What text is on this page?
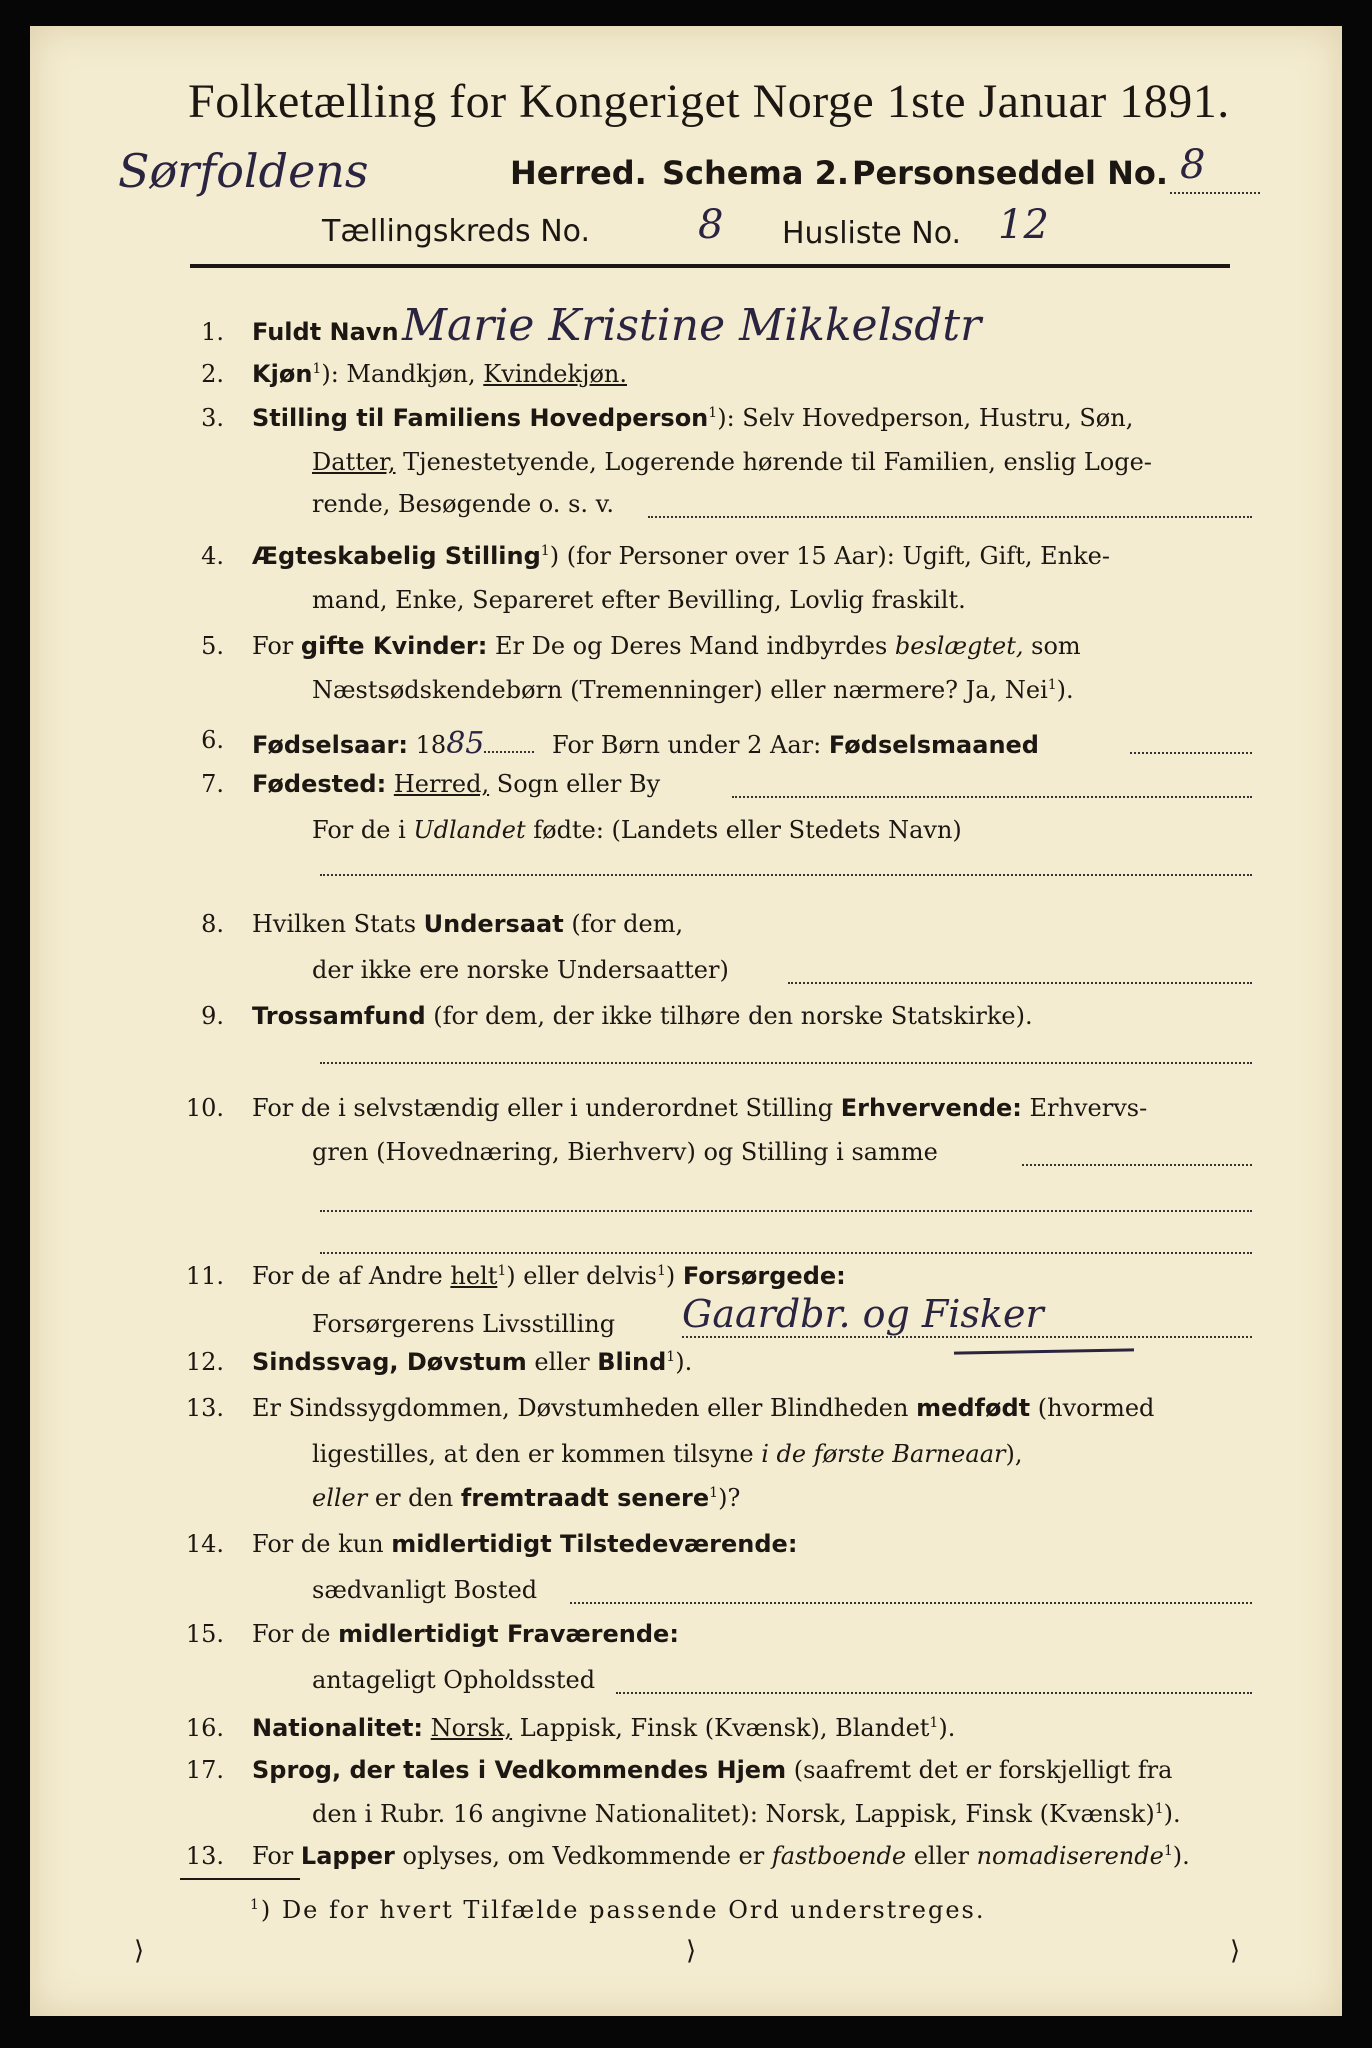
Folketælling for Kongeriget Norge 1ste Januar 1891.
Sørfoldens	Herred. Schema 2. Personseddel No. 8
Tællingskreds No.	8 Husliste No. 12
1. Fuldt Navn Marie Kristine Mikkelsdtr
2. Kjøn$^1$): Mandkjøn, Kvindekjøn.
3. Stilling til Familiens Hovedperson$^1$): Selv Hovedperson, Hustru, Søn,
Datter, Tjenestetyende, Logerende hørende til Familien, enslig Loge-
rende, Besøgende o. s. v.
4. Ægteskabelig Stilling$^1$) (for Personer over 15 Aar): Ugift, Gift, Enke-
mand, Enke, Separeret efter Bevilling, Lovlig fraskilt.
5. For gifte Kvinder: Er De og Deres Mand indbyrdes beslægtet, som
Næstsødskendebørn (Tremenninger) eller nærmere? Ja, Nei$^1$).
6. Fødselsaar: 1885	For Børn under 2 Aar: Fødselsmaaned
7. Fødested: Herred, Sogn eller By
For de i Udlandet fødte: (Landets eller Stedets Navn)
8. Hvilken Stats Undersaat (for dem,
der ikke ere norske Undersaatter)
9. Trossamfund (for dem, der ikke tilhøre den norske Statskirke).
10. For de i selvstændig eller i underordnet Stilling Erhvervende: Erhvervs-
gren (Hovednæring, Bierhverv) og Stilling i samme
11. For de af Andre helt$^1$) eller delvis$^1$) Forsørgede:
Forsørgerens Livsstilling Gaardbr. og Fisker
12. Sindssvag, Døvstum eller Blind$^1$).
13. Er Sindssygdommen, Døvstumheden eller Blindheden medfødt (hvormed
ligestilles, at den er kommen tilsyne i de første Barneaar),
eller er den fremtraadt senere$^1$)?
14. For de kun midlertidigt Tilstedeværende:
sædvanligt Bosted
15. For de midlertidigt Fraværende:
antageligt Opholdssted
16. Nationalitet: Norsk, Lappisk, Finsk (Kvænsk), Blandet$^1$).
17. Sprog, der tales i Vedkommendes Hjem (saafremt det er forskjelligt fra
den i Rubr. 16 angivne Nationalitet): Norsk, Lappisk, Finsk (Kvænsk)$^1$).
13. For Lapper oplyses, om Vedkommende er fastboende eller nomadiserende$^1$).
$^1$) De for hvert Tilfælde passende Ord understreges.
⟩	⟩	⟩
